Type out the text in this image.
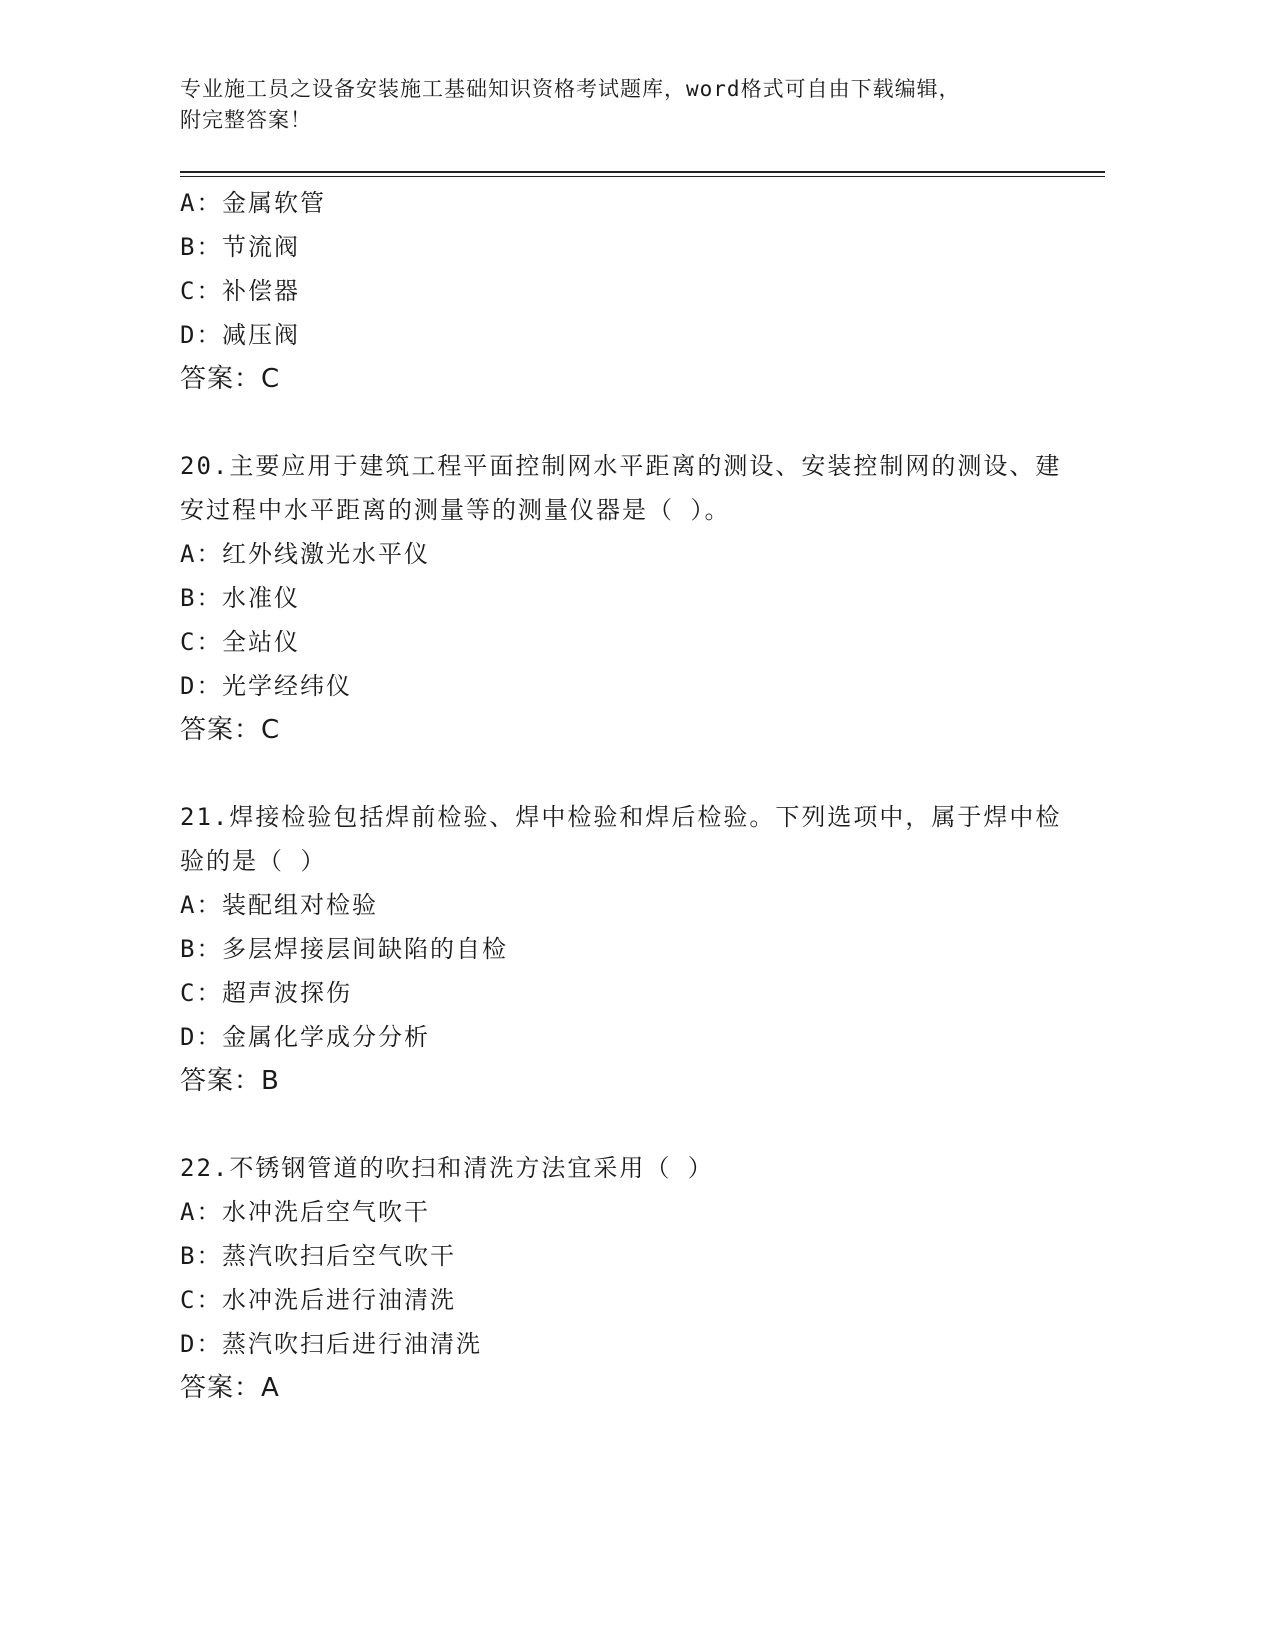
专业施工员之设备安装施工基础知识资格考试题库，word格式可自由下载编辑，
附完整答案！
A：金属软管
B：节流阀
C：补偿器
D：减压阀
答案：C
20.主要应用于建筑工程平面控制网水平距离的测设、安装控制网的测设、建安过程中水平距离的测量等的测量仪器是（ ）。
A：红外线激光水平仪
B：水准仪
C：全站仪
D：光学经纬仪
答案：C
21.焊接检验包括焊前检验、焊中检验和焊后检验。下列选项中，属于焊中检验的是（ ）
A：装配组对检验
B：多层焊接层间缺陷的自检
C：超声波探伤
D：金属化学成分分析
答案：B
22.不锈钢管道的吹扫和清洗方法宜采用（ ）
A：水冲洗后空气吹干
B：蒸汽吹扫后空气吹干
C：水冲洗后进行油清洗
D：蒸汽吹扫后进行油清洗
答案：A
